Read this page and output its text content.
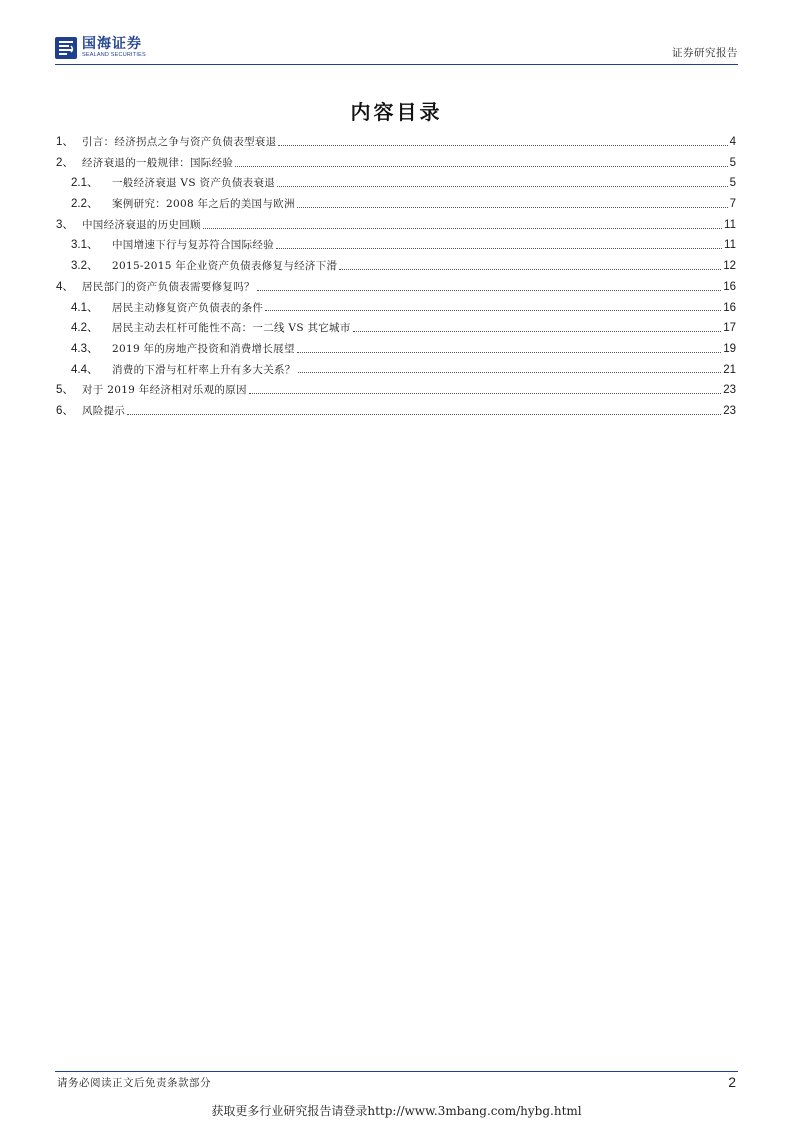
国海证券
SEALAND SECURITIES	证券研究报告
内容目录
1、 引言：经济拐点之争与资产负债表型衰退	4
2、 经济衰退的一般规律：国际经验	5
2.1、	一般经济衰退 VS 资产负债表衰退	5
2.2、	案例研究：2008 年之后的美国与欧洲	7
3、 中国经济衰退的历史回顾	11
3.1、	中国增速下行与复苏符合国际经验	11
3.2、	2015-2015 年企业资产负债表修复与经济下滑	12
4、 居民部门的资产负债表需要修复吗？	16
4.1、	居民主动修复资产负债表的条件	16
4.2、	居民主动去杠杆可能性不高：一二线 VS 其它城市	17
4.3、	2019 年的房地产投资和消费增长展望	19
4.4、	消费的下滑与杠杆率上升有多大关系？	21
5、 对于 2019 年经济相对乐观的原因	23
6、 风险提示	23
请务必阅读正文后免责条款部分	2
获取更多行业研究报告请登录http://www.3mbang.com/hybg.html
